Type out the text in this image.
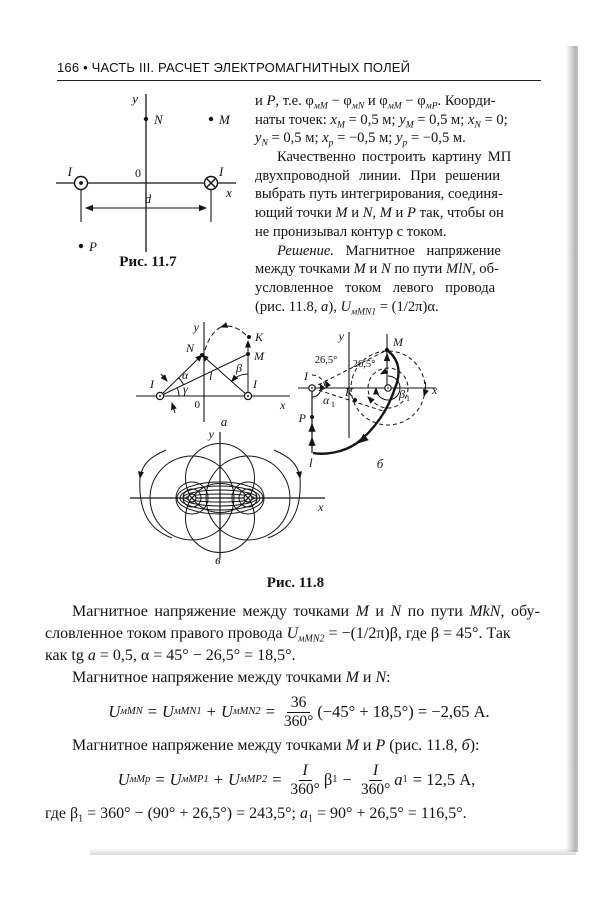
166 • ЧАСТЬ III. РАСЧЕТ ЭЛЕКТРОМАГНИТНЫХ ПОЛЕЙ
y
x
0
I	I
N	M
P
d
Рис. 11.7
и P, т.е. $\varphi_{мM} - \varphi_{мN}$ и $\varphi_{мM} - \varphi_{мP}$. Коорди-
наты точек: $x_M = 0,5$ м; $y_M = 0,5$ м; $x_N = 0$;
$y_N = 0,5$ м; $x_p = -0,5$ м; $y_p = -0,5$ м.
Качественно построить картину МП
двухпроводной линии. При решении
выбрать путь интегрирования, соединя-
ющий точки M и N, M и P так, чтобы он
не пронизывал контур с током.
Решение. Магнитное напряжение
между точками M и N по пути MlN, об-
условленное током левого провода
(рис. 11.8, а), $U_{мMN1} = (1/2\pi)\alpha$.
y
x
0
I	I
N
K
M
α	β
γ
l
а
y
x
I
M
K
P
26,5° 26,5°
α 1
β 1
l	б
y
x
в
Рис. 11.8
Магнитное напряжение между точками M и N по пути MkN, обу-
словленное током правого провода $U_{мMN2} = -(1/2\pi)\beta$, где β = 45°. Так
как tg a = 0,5, α = 45° − 26,5° = 18,5°.
Магнитное напряжение между точками M и N:
U мMN = U мMN1 + U $мMN2 = \frac{36}{360^\circ} (-45^\circ + 18,5^\circ) = -2,65$ А.
Магнитное напряжение между точками M и P (рис. 11.8, б):
U мMp = U мMP1 + U $мMP2 = \frac{I}{360^\circ}$ β $1 - \frac{I}{360^\circ}$ a 1 = 12,5 А,
где $\beta_1 = 360^\circ - (90^\circ + 26,5^\circ) = 243,5^\circ$; $a_1 = 90^\circ + 26,5^\circ = 116,5^\circ$.
